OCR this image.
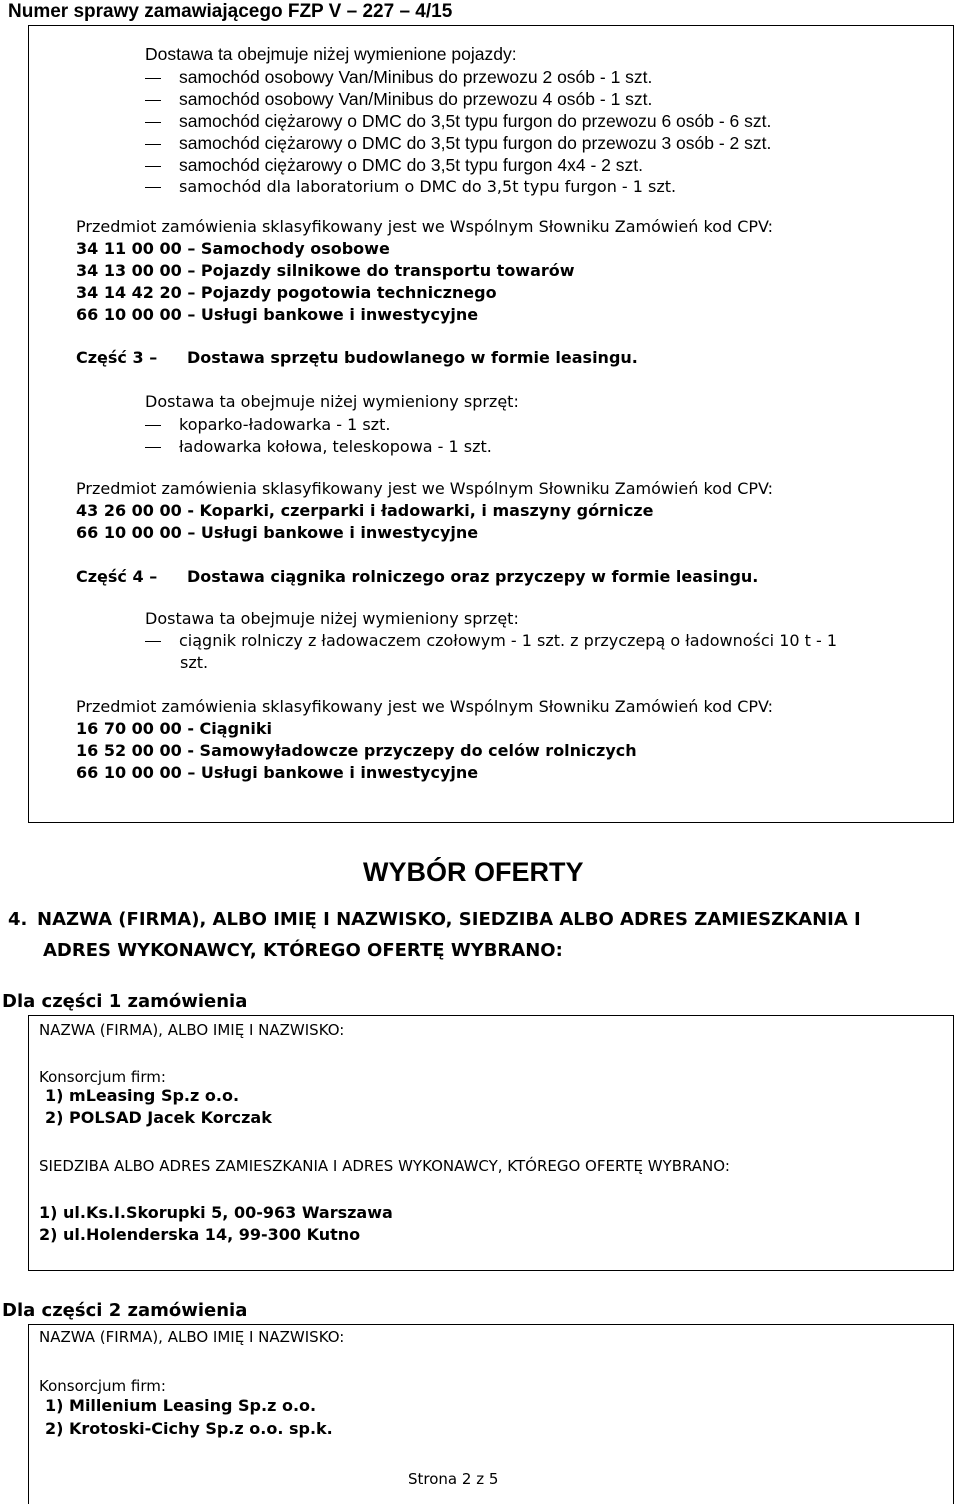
Numer sprawy zamawiającego FZP V – 227 – 4/15
Dostawa ta obejmuje niżej wymienione pojazdy:
samochód osobowy Van/Minibus do przewozu 2 osób - 1 szt.
samochód osobowy Van/Minibus do przewozu 4 osób - 1 szt.
samochód ciężarowy o DMC do 3,5t typu furgon do przewozu 6 osób - 6 szt.
samochód ciężarowy o DMC do 3,5t typu furgon do przewozu 3 osób - 2 szt.
samochód ciężarowy o DMC do 3,5t typu furgon 4x4 - 2 szt.
samochód dla laboratorium o DMC do 3,5t typu furgon - 1 szt.
Przedmiot zamówienia sklasyfikowany jest we Wspólnym Słowniku Zamówień kod CPV:
34 11 00 00 – Samochody osobowe
34 13 00 00 – Pojazdy silnikowe do transportu towarów
34 14 42 20 – Pojazdy pogotowia technicznego
66 10 00 00 – Usługi bankowe i inwestycyjne
Część 3 – Dostawa sprzętu budowlanego w formie leasingu.
Dostawa ta obejmuje niżej wymieniony sprzęt:
koparko-ładowarka - 1 szt.
ładowarka kołowa, teleskopowa - 1 szt.
Przedmiot zamówienia sklasyfikowany jest we Wspólnym Słowniku Zamówień kod CPV:
43 26 00 00 - Koparki, czerparki i ładowarki, i maszyny górnicze
66 10 00 00 – Usługi bankowe i inwestycyjne
Część 4 – Dostawa ciągnika rolniczego oraz przyczepy w formie leasingu.
Dostawa ta obejmuje niżej wymieniony sprzęt:
ciągnik rolniczy z ładowaczem czołowym - 1 szt. z przyczepą o ładowności 10 t - 1
szt.
Przedmiot zamówienia sklasyfikowany jest we Wspólnym Słowniku Zamówień kod CPV:
16 70 00 00 - Ciągniki
16 52 00 00 - Samowyładowcze przyczepy do celów rolniczych
66 10 00 00 – Usługi bankowe i inwestycyjne
WYBÓR OFERTY
4. NAZWA (FIRMA), ALBO IMIĘ I NAZWISKO, SIEDZIBA ALBO ADRES ZAMIESZKANIA I
ADRES WYKONAWCY, KTÓREGO OFERTĘ WYBRANO:
Dla części 1 zamówienia
NAZWA (FIRMA), ALBO IMIĘ I NAZWISKO:
Konsorcjum firm:
1) mLeasing Sp.z o.o.
2) POLSAD Jacek Korczak
SIEDZIBA ALBO ADRES ZAMIESZKANIA I ADRES WYKONAWCY, KTÓREGO OFERTĘ WYBRANO:
1) ul.Ks.I.Skorupki 5, 00-963 Warszawa
2) ul.Holenderska 14, 99-300 Kutno
Dla części 2 zamówienia
NAZWA (FIRMA), ALBO IMIĘ I NAZWISKO:
Konsorcjum firm:
1) Millenium Leasing Sp.z o.o.
2) Krotoski-Cichy Sp.z o.o. sp.k.
Strona 2 z 5
